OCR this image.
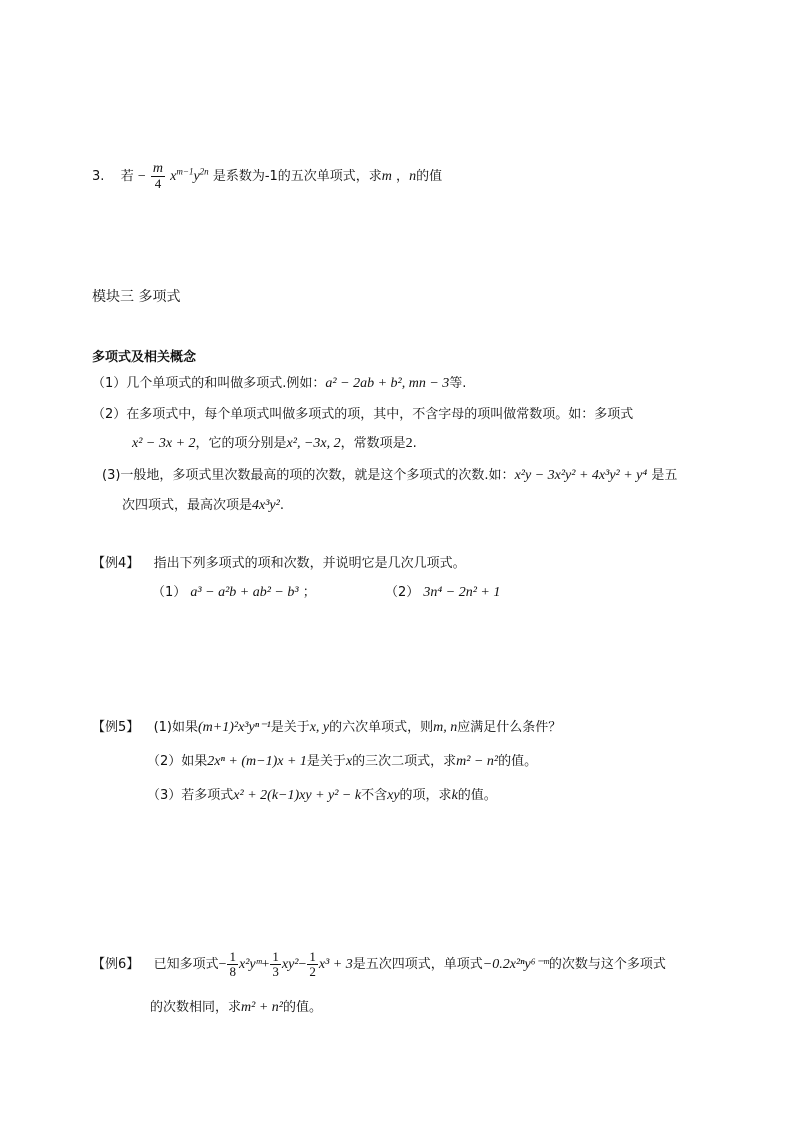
3. 若 − $\frac{m}{4} x^{m-1}y^{2n}$ 是系数为-1的五次单项式，求m ，n的值
模块三 多项式
多项式及相关概念
（1）几个单项式的和叫做多项式.例如：a² − 2ab + b², mn − 3等.
（2）在多项式中，每个单项式叫做多项式的项，其中，不含字母的项叫做常数项。如：多项式
x² − 3x + 2，它的项分别是x², −3x, 2，常数项是2.
(3)一般地，多项式里次数最高的项的次数，就是这个多项式的次数.如：x²y − 3x²y² + 4x³y² + y⁴ 是五
次四项式，最高次项是4x³y².
【例4】 指出下列多项式的项和次数，并说明它是几次几项式。
（1） a³ − a²b + ab² − b³ ；	（2） 3n⁴ − 2n² + 1
【例5】 (1)如果(m+1)²x³yⁿ⁻¹是关于x, y的六次单项式，则m, n应满足什么条件？
（2）如果2xⁿ + (m−1)x + 1是关于x的三次二项式，求m² − n²的值。
（3）若多项式x² + 2(k−1)xy + y² − k不含xy的项，求k的值。
【例6】 已知多项式− $\frac{1}{8}$ x²yᵐ+ $\frac{1}{3} xy^2- \frac{1}{2} x^3 + 3$是五次四项式，单项式−0.2x²ⁿy⁶⁻ᵐ的次数与这个多项式
的次数相同，求m² + n²的值。
